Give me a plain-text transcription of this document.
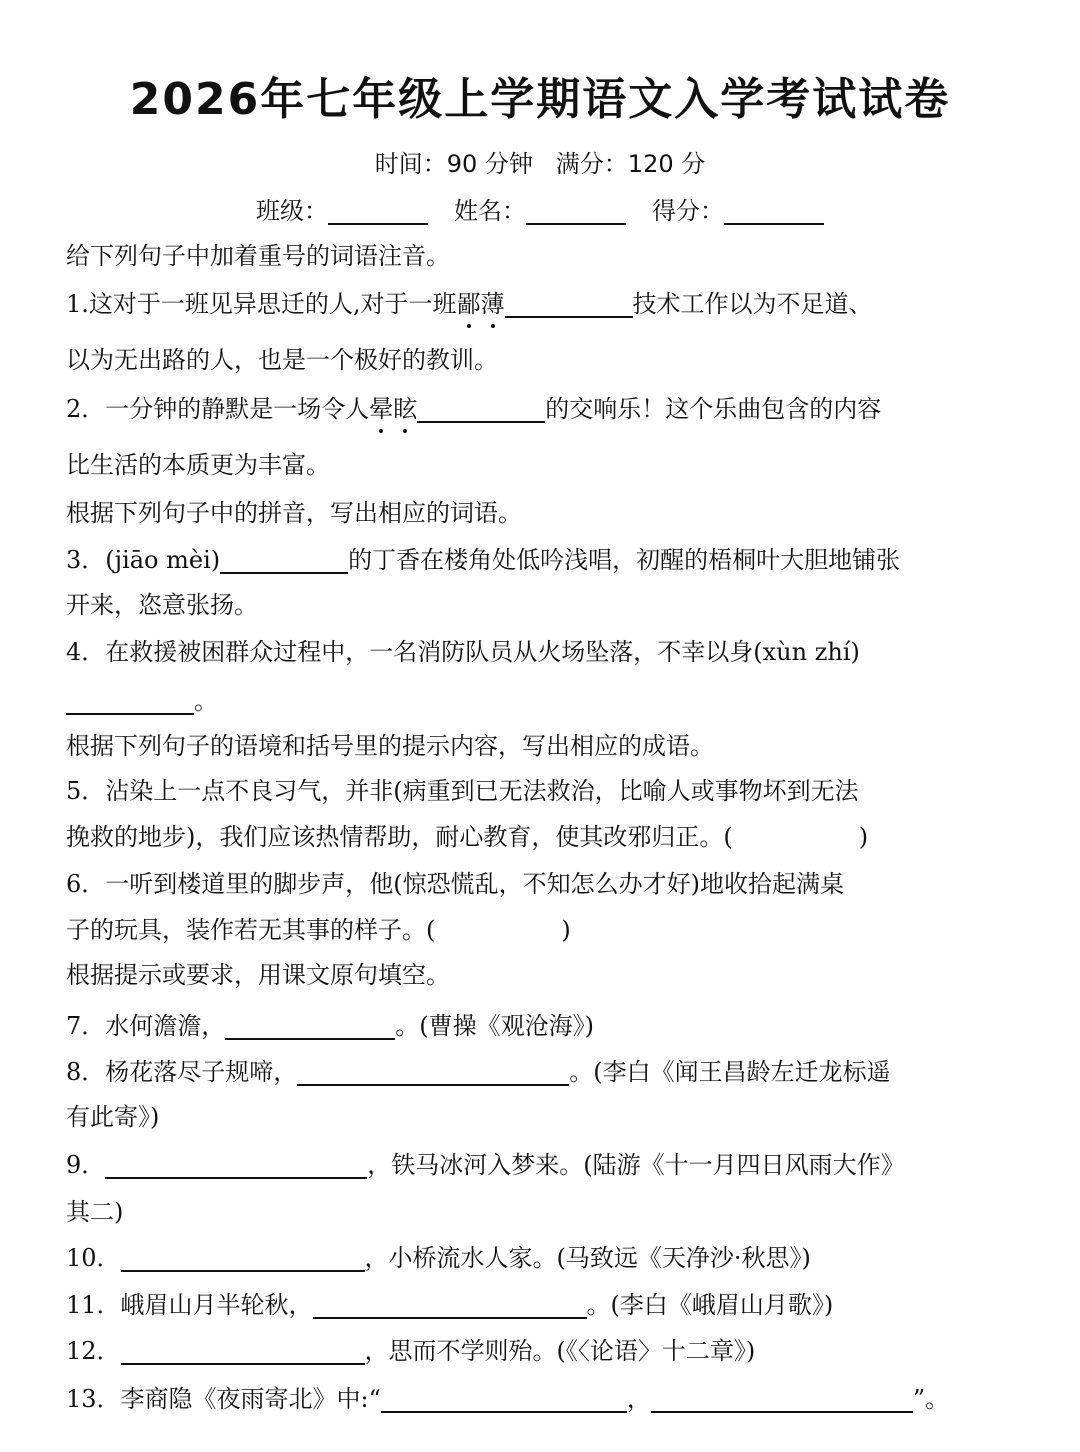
2026年七年级上学期语文入学考试试卷
时间：90 分钟   满分：120 分
班级：	姓名：	得分：
给下列句子中加着重号的词语注音。
1.这对于一班见异思迁的人,对于一班鄙薄	技术工作以为不足道、
以为无出路的人，也是一个极好的教训。
2．一分钟的静默是一场令人晕眩	的交响乐！这个乐曲包含的内容
比生活的本质更为丰富。
根据下列句子中的拼音，写出相应的词语。
3．(jiāo mèi)	的丁香在楼角处低吟浅唱，初醒的梧桐叶大胆地铺张
开来，恣意张扬。
4．在救援被困群众过程中，一名消防队员从火场坠落，不幸以身(xùn zhí)
。
根据下列句子的语境和括号里的提示内容，写出相应的成语。
5．沾染上一点不良习气，并非(病重到已无法救治，比喻人或事物坏到无法
挽救的地步)，我们应该热情帮助，耐心教育，使其改邪归正。(	)
6．一听到楼道里的脚步声，他(惊恐慌乱，不知怎么办才好)地收拾起满桌
子的玩具，装作若无其事的样子。(	)
根据提示或要求，用课文原句填空。
7．水何澹澹，	。(曹操《观沧海》)
8．杨花落尽子规啼，	。(李白《闻王昌龄左迁龙标遥
有此寄》)
9．	，铁马冰河入梦来。(陆游《十一月四日风雨大作》
其二)
10．	，小桥流水人家。(马致远《天净沙·秋思》)
11．峨眉山月半轮秋，	。(李白《峨眉山月歌》)
12．	，思而不学则殆。(《〈论语〉十二章》)
13．李商隐《夜雨寄北》中:“	，	”。
